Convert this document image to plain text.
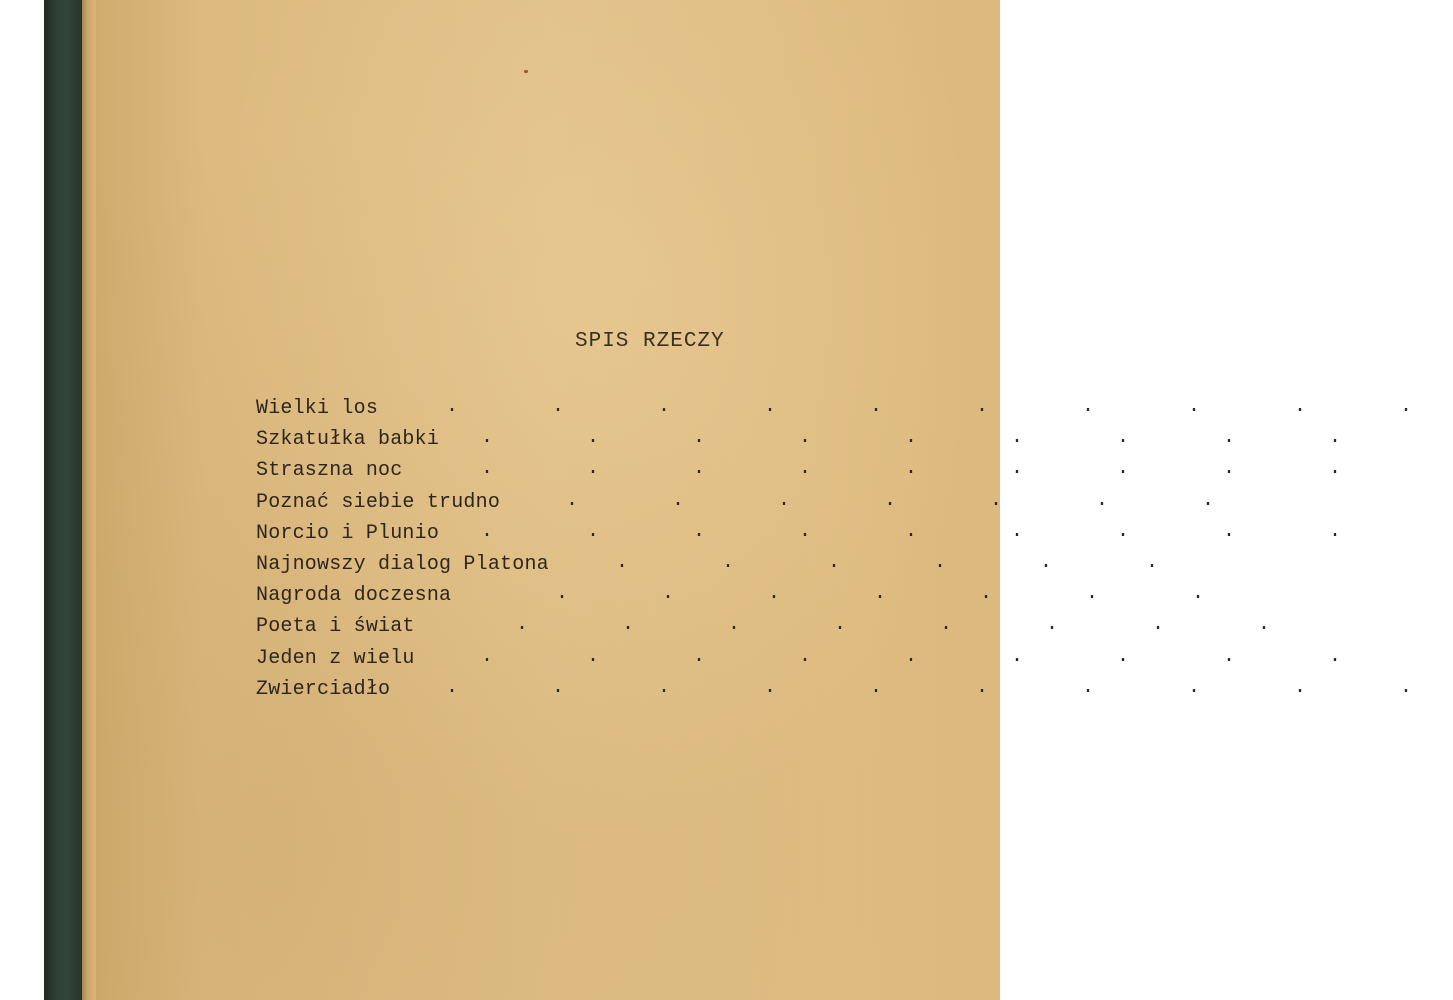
SPIS RZECZY
. . . . . . . . . .
Wielki los
. . . . . . . . .
Szkatułka babki
. . . . . . . . .
Straszna noc
. . . . . . .
Poznać siebie trudno
. . . . . . . . .
Norcio i Plunio
. . . . . .
Najnowszy dialog Platona
. . . . . . .
Nagroda doczesna
. . . . . . . .
Poeta i świat
. . . . . . . . .
Jeden z wielu
. . . . . . . . . .
Zwierciadło
